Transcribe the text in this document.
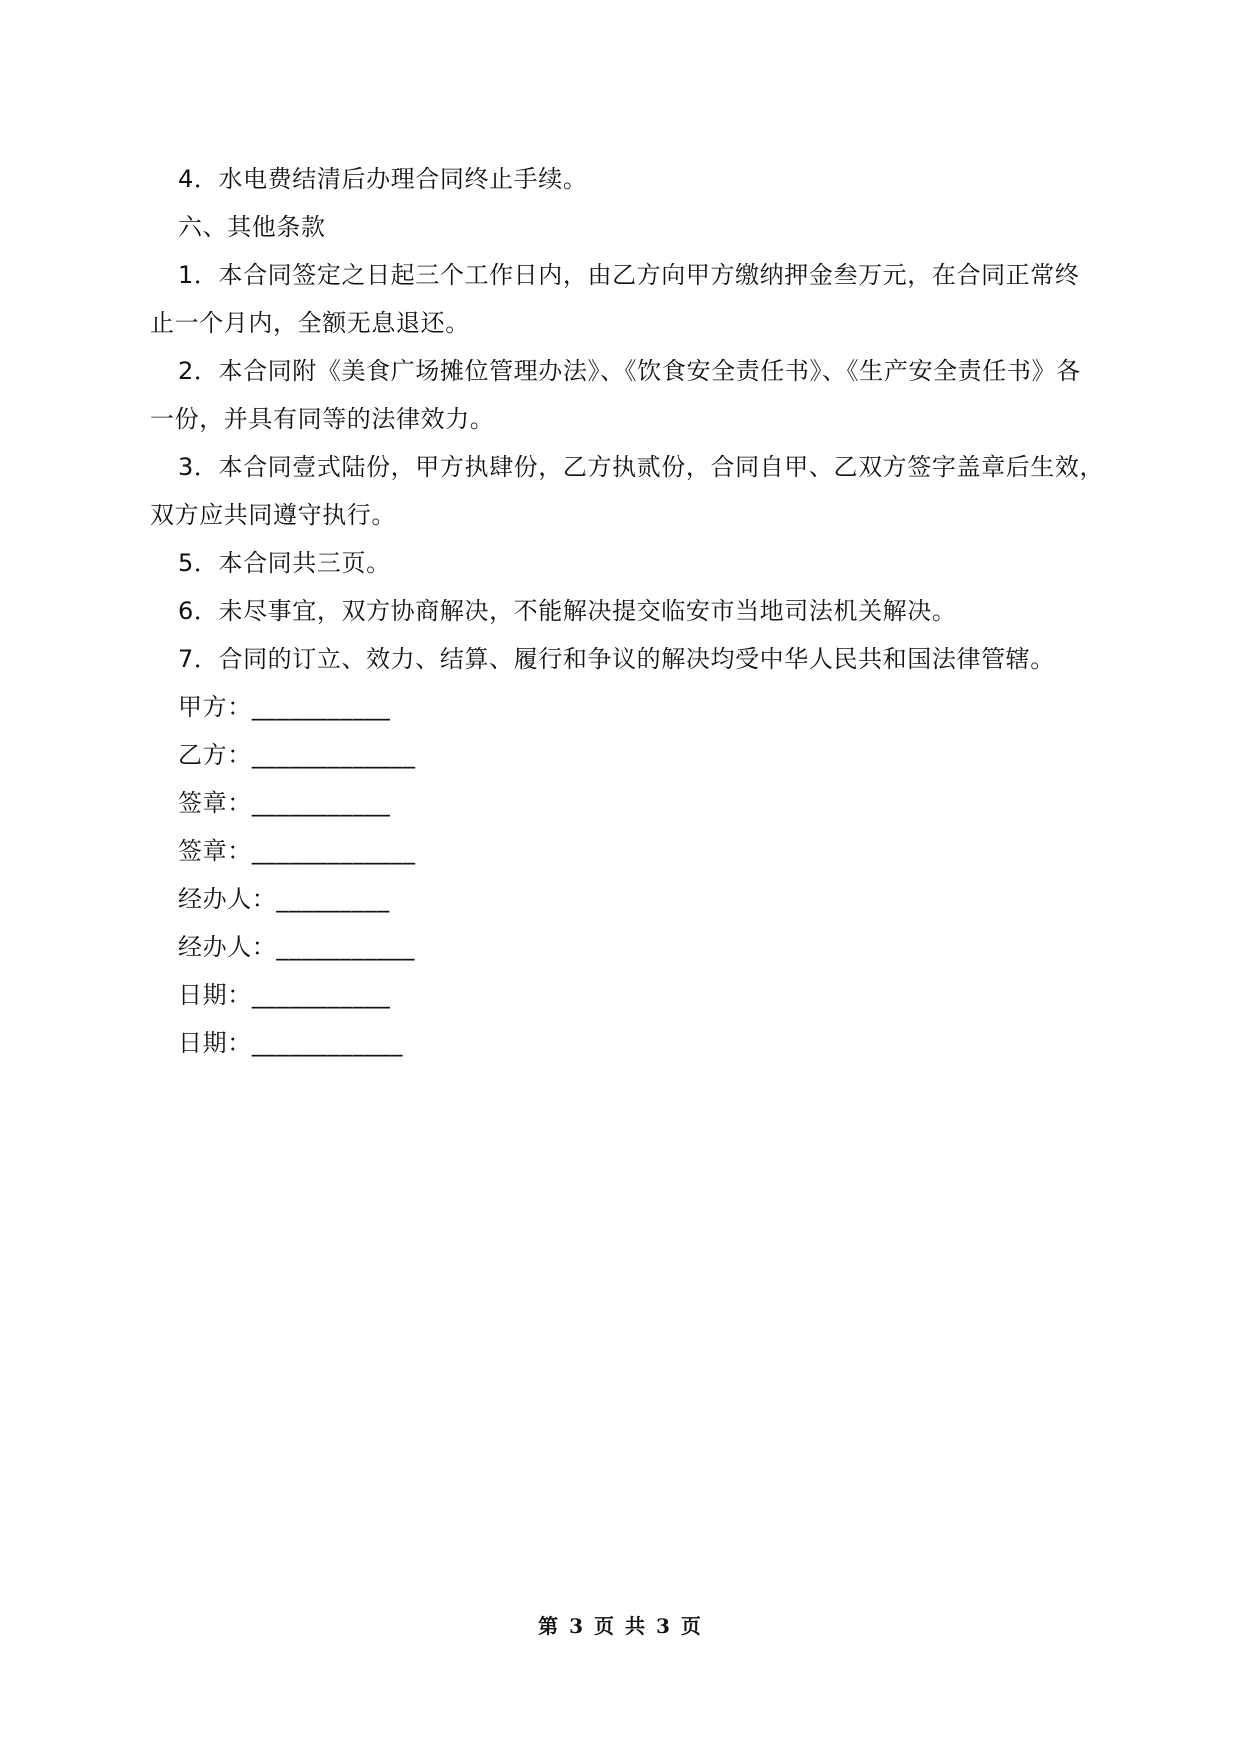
4．水电费结清后办理合同终止手续。
六、其他条款
1．本合同签定之日起三个工作日内，由乙方向甲方缴纳押金叁万元，在合同正常终
止一个月内，全额无息退还。
2．本合同附《美食广场摊位管理办法》、《饮食安全责任书》、《生产安全责任书》各
一份，并具有同等的法律效力。
3．本合同壹式陆份，甲方执肆份，乙方执贰份，合同自甲、乙双方签字盖章后生效，
双方应共同遵守执行。
5．本合同共三页。
6．未尽事宜，双方协商解决，不能解决提交临安市当地司法机关解决。
7．合同的订立、效力、结算、履行和争议的解决均受中华人民共和国法律管辖。
甲方：___________
乙方：_____________
签章：___________
签章：_____________
经办人：_________
经办人：___________
日期：___________
日期：____________
第 3 页 共 3 页
